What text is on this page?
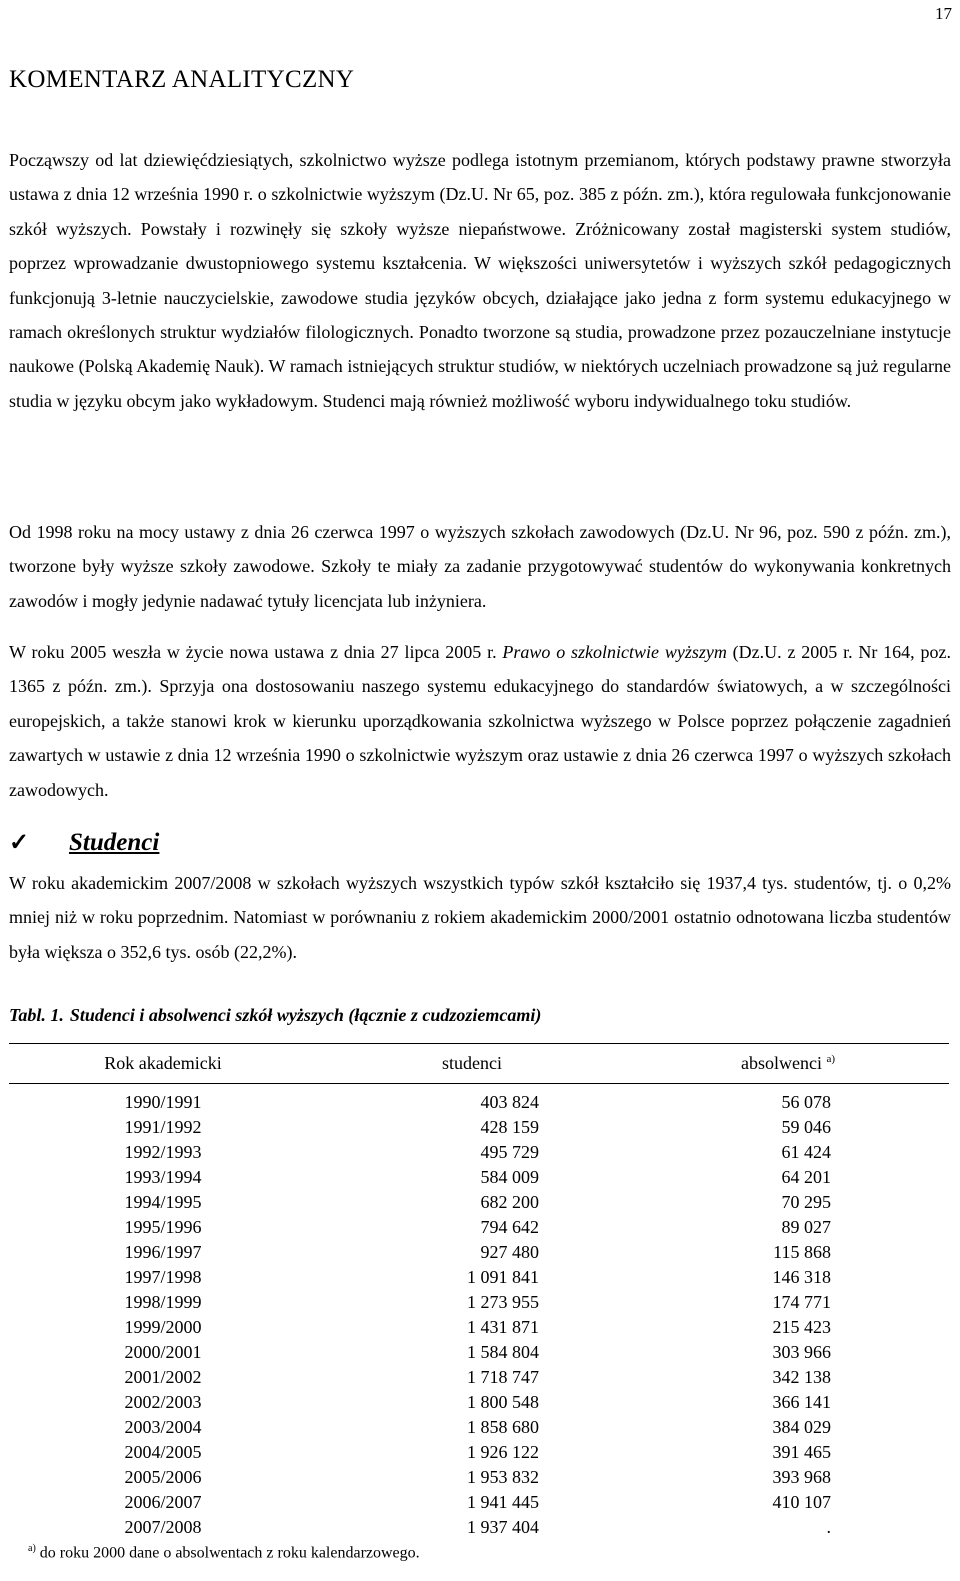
17
KOMENTARZ ANALITYCZNY

Począwszy od lat dziewięćdziesiątych, szkolnictwo wyższe podlega istotnym przemianom, których podstawy prawne stworzyła ustawa z dnia 12 września 1990 r. o szkolnictwie wyższym (Dz.U. Nr 65, poz. 385 z późn. zm.), która regulowała funkcjonowanie szkół wyższych. Powstały i rozwinęły się szkoły wyższe niepaństwowe. Zróżnicowany został magisterski system studiów, poprzez wprowadzanie dwustopniowego systemu kształcenia. W większości uniwersytetów i wyższych szkół pedagogicznych funkcjonują 3-letnie nauczycielskie, zawodowe studia języków obcych, działające jako jedna z form systemu edukacyjnego w ramach określonych struktur wydziałów filologicznych. Ponadto tworzone są studia, prowadzone przez pozauczelniane instytucje naukowe (Polską Akademię Nauk). W ramach istniejących struktur studiów, w niektórych uczelniach prowadzone są już regularne studia w języku obcym jako wykładowym. Studenci mają również możliwość wyboru indywidualnego toku studiów.

Od 1998 roku na mocy ustawy z dnia 26 czerwca 1997 o wyższych szkołach zawodowych (Dz.U. Nr 96, poz. 590 z późn. zm.), tworzone były wyższe szkoły zawodowe. Szkoły te miały za zadanie przygotowywać studentów do wykonywania konkretnych zawodów i mogły jedynie nadawać tytuły licencjata lub inżyniera.

W roku 2005 weszła w życie nowa ustawa z dnia 27 lipca 2005 r. Prawo o szkolnictwie wyższym (Dz.U. z 2005 r. Nr 164, poz. 1365 z późn. zm.). Sprzyja ona dostosowaniu naszego systemu edukacyjnego do standardów światowych, a w szczególności europejskich, a także stanowi krok w kierunku uporządkowania szkolnictwa wyższego w Polsce poprzez połączenie zagadnień zawartych w ustawie z dnia 12 września 1990 o szkolnictwie wyższym oraz ustawie z dnia 26 czerwca 1997 o wyższych szkołach zawodowych.

✓ Studenci

W roku akademickim 2007/2008 w szkołach wyższych wszystkich typów szkół kształciło się 1937,4 tys. studentów, tj. o 0,2% mniej niż w roku poprzednim. Natomiast w porównaniu z rokiem akademickim 2000/2001 ostatnio odnotowana liczba studentów była większa o 352,6 tys. osób (22,2%).

Tabl. 1. Studenci i absolwenci szkół wyższych (łącznie z cudzoziemcami)

Rok akademicki	studenci	absolwenci $^{a)}$
1990/1991	403 824	56 078

1991/1992	428 159	59 046

1992/1993	495 729	61 424

1993/1994	584 009	64 201

1994/1995	682 200	70 295

1995/1996	794 642	89 027

1996/1997	927 480	115 868

1997/1998	1 091 841	146 318

1998/1999	1 273 955	174 771

1999/2000	1 431 871	215 423

2000/2001	1 584 804	303 966

2001/2002	1 718 747	342 138

2002/2003	1 800 548	366 141

2003/2004	1 858 680	384 029

2004/2005	1 926 122	391 465

2005/2006	1 953 832	393 968

2006/2007	1 941 445	410 107

2007/2008	1 937 404	.

$^{a)}$ do roku 2000 dane o absolwentach z roku kalendarzowego.
